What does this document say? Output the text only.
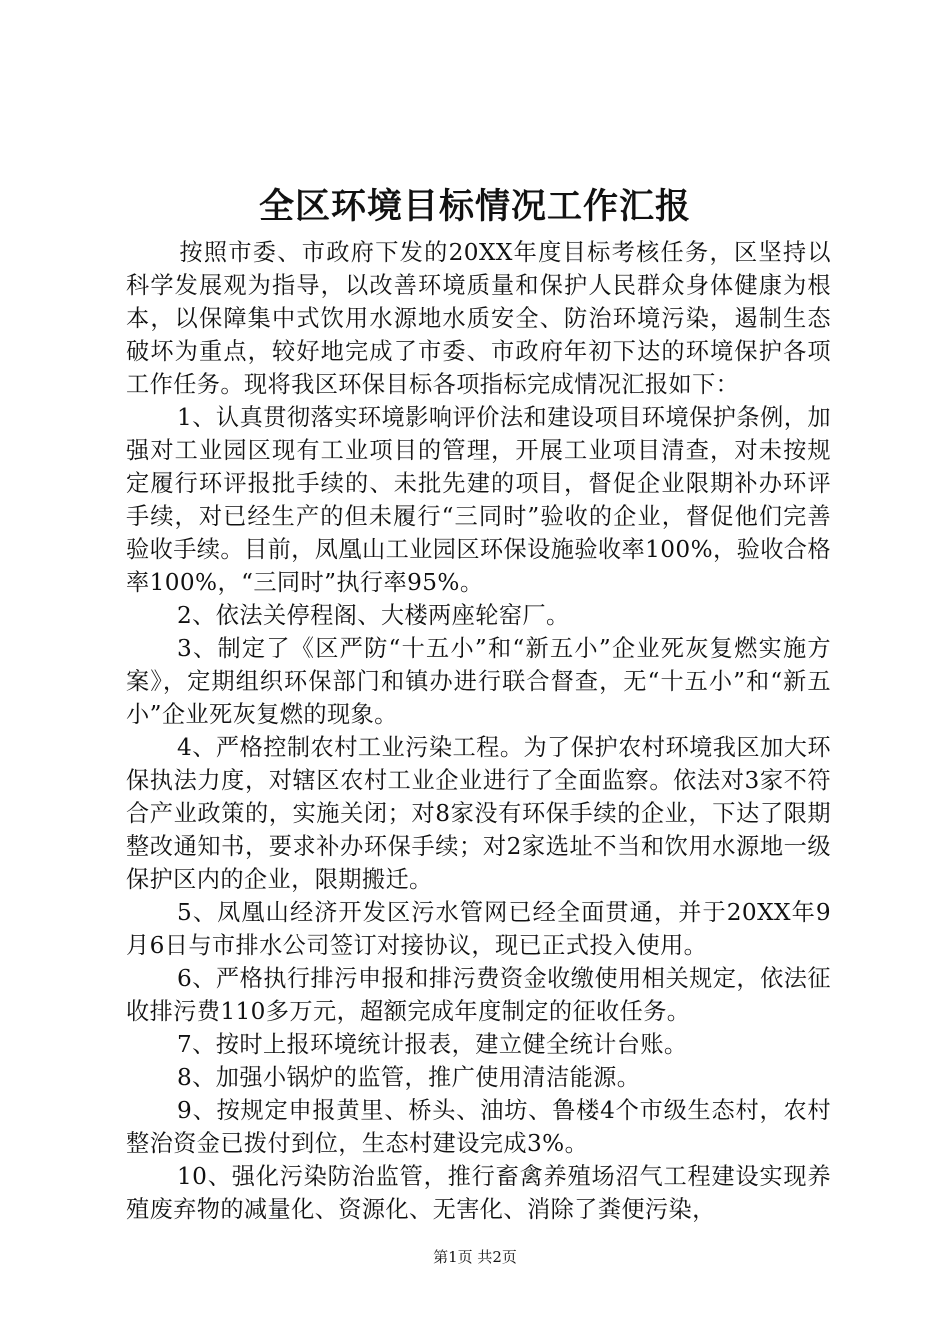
全区环境目标情况工作汇报

按照市委、市政府下发的20XX年度目标考核任务，区坚持以科学发展观为指导，以改善环境质量和保护人民群众身体健康为根本，以保障集中式饮用水源地水质安全、防治环境污染，遏制生态破坏为重点，较好地完成了市委、市政府年初下达的环境保护各项工作任务。现将我区环保目标各项指标完成情况汇报如下：

1、认真贯彻落实环境影响评价法和建设项目环境保护条例，加强对工业园区现有工业项目的管理，开展工业项目清查，对未按规定履行环评报批手续的、未批先建的项目，督促企业限期补办环评手续，对已经生产的但未履行“三同时”验收的企业，督促他们完善验收手续。目前，凤凰山工业园区环保设施验收率100%，验收合格率100%，“三同时”执行率95%。

2、依法关停程阁、大楼两座轮窑厂。

3、制定了《区严防“十五小”和“新五小”企业死灰复燃实施方案》，定期组织环保部门和镇办进行联合督查，无“十五小”和“新五小”企业死灰复燃的现象。

4、严格控制农村工业污染工程。为了保护农村环境我区加大环保执法力度，对辖区农村工业企业进行了全面监察。依法对3家不符合产业政策的，实施关闭；对8家没有环保手续的企业，下达了限期整改通知书，要求补办环保手续；对2家选址不当和饮用水源地一级保护区内的企业，限期搬迁。

5、凤凰山经济开发区污水管网已经全面贯通，并于20XX年9月6日与市排水公司签订对接协议，现已正式投入使用。

6、严格执行排污申报和排污费资金收缴使用相关规定，依法征收排污费110多万元，超额完成年度制定的征收任务。

7、按时上报环境统计报表，建立健全统计台账。

8、加强小锅炉的监管，推广使用清洁能源。

9、按规定申报黄里、桥头、油坊、鲁楼4个市级生态村，农村整治资金已拨付到位，生态村建设完成3%。

10、强化污染防治监管，推行畜禽养殖场沼气工程建设实现养殖废弃物的减量化、资源化、无害化、消除了粪便污染，

第1页 共2页
